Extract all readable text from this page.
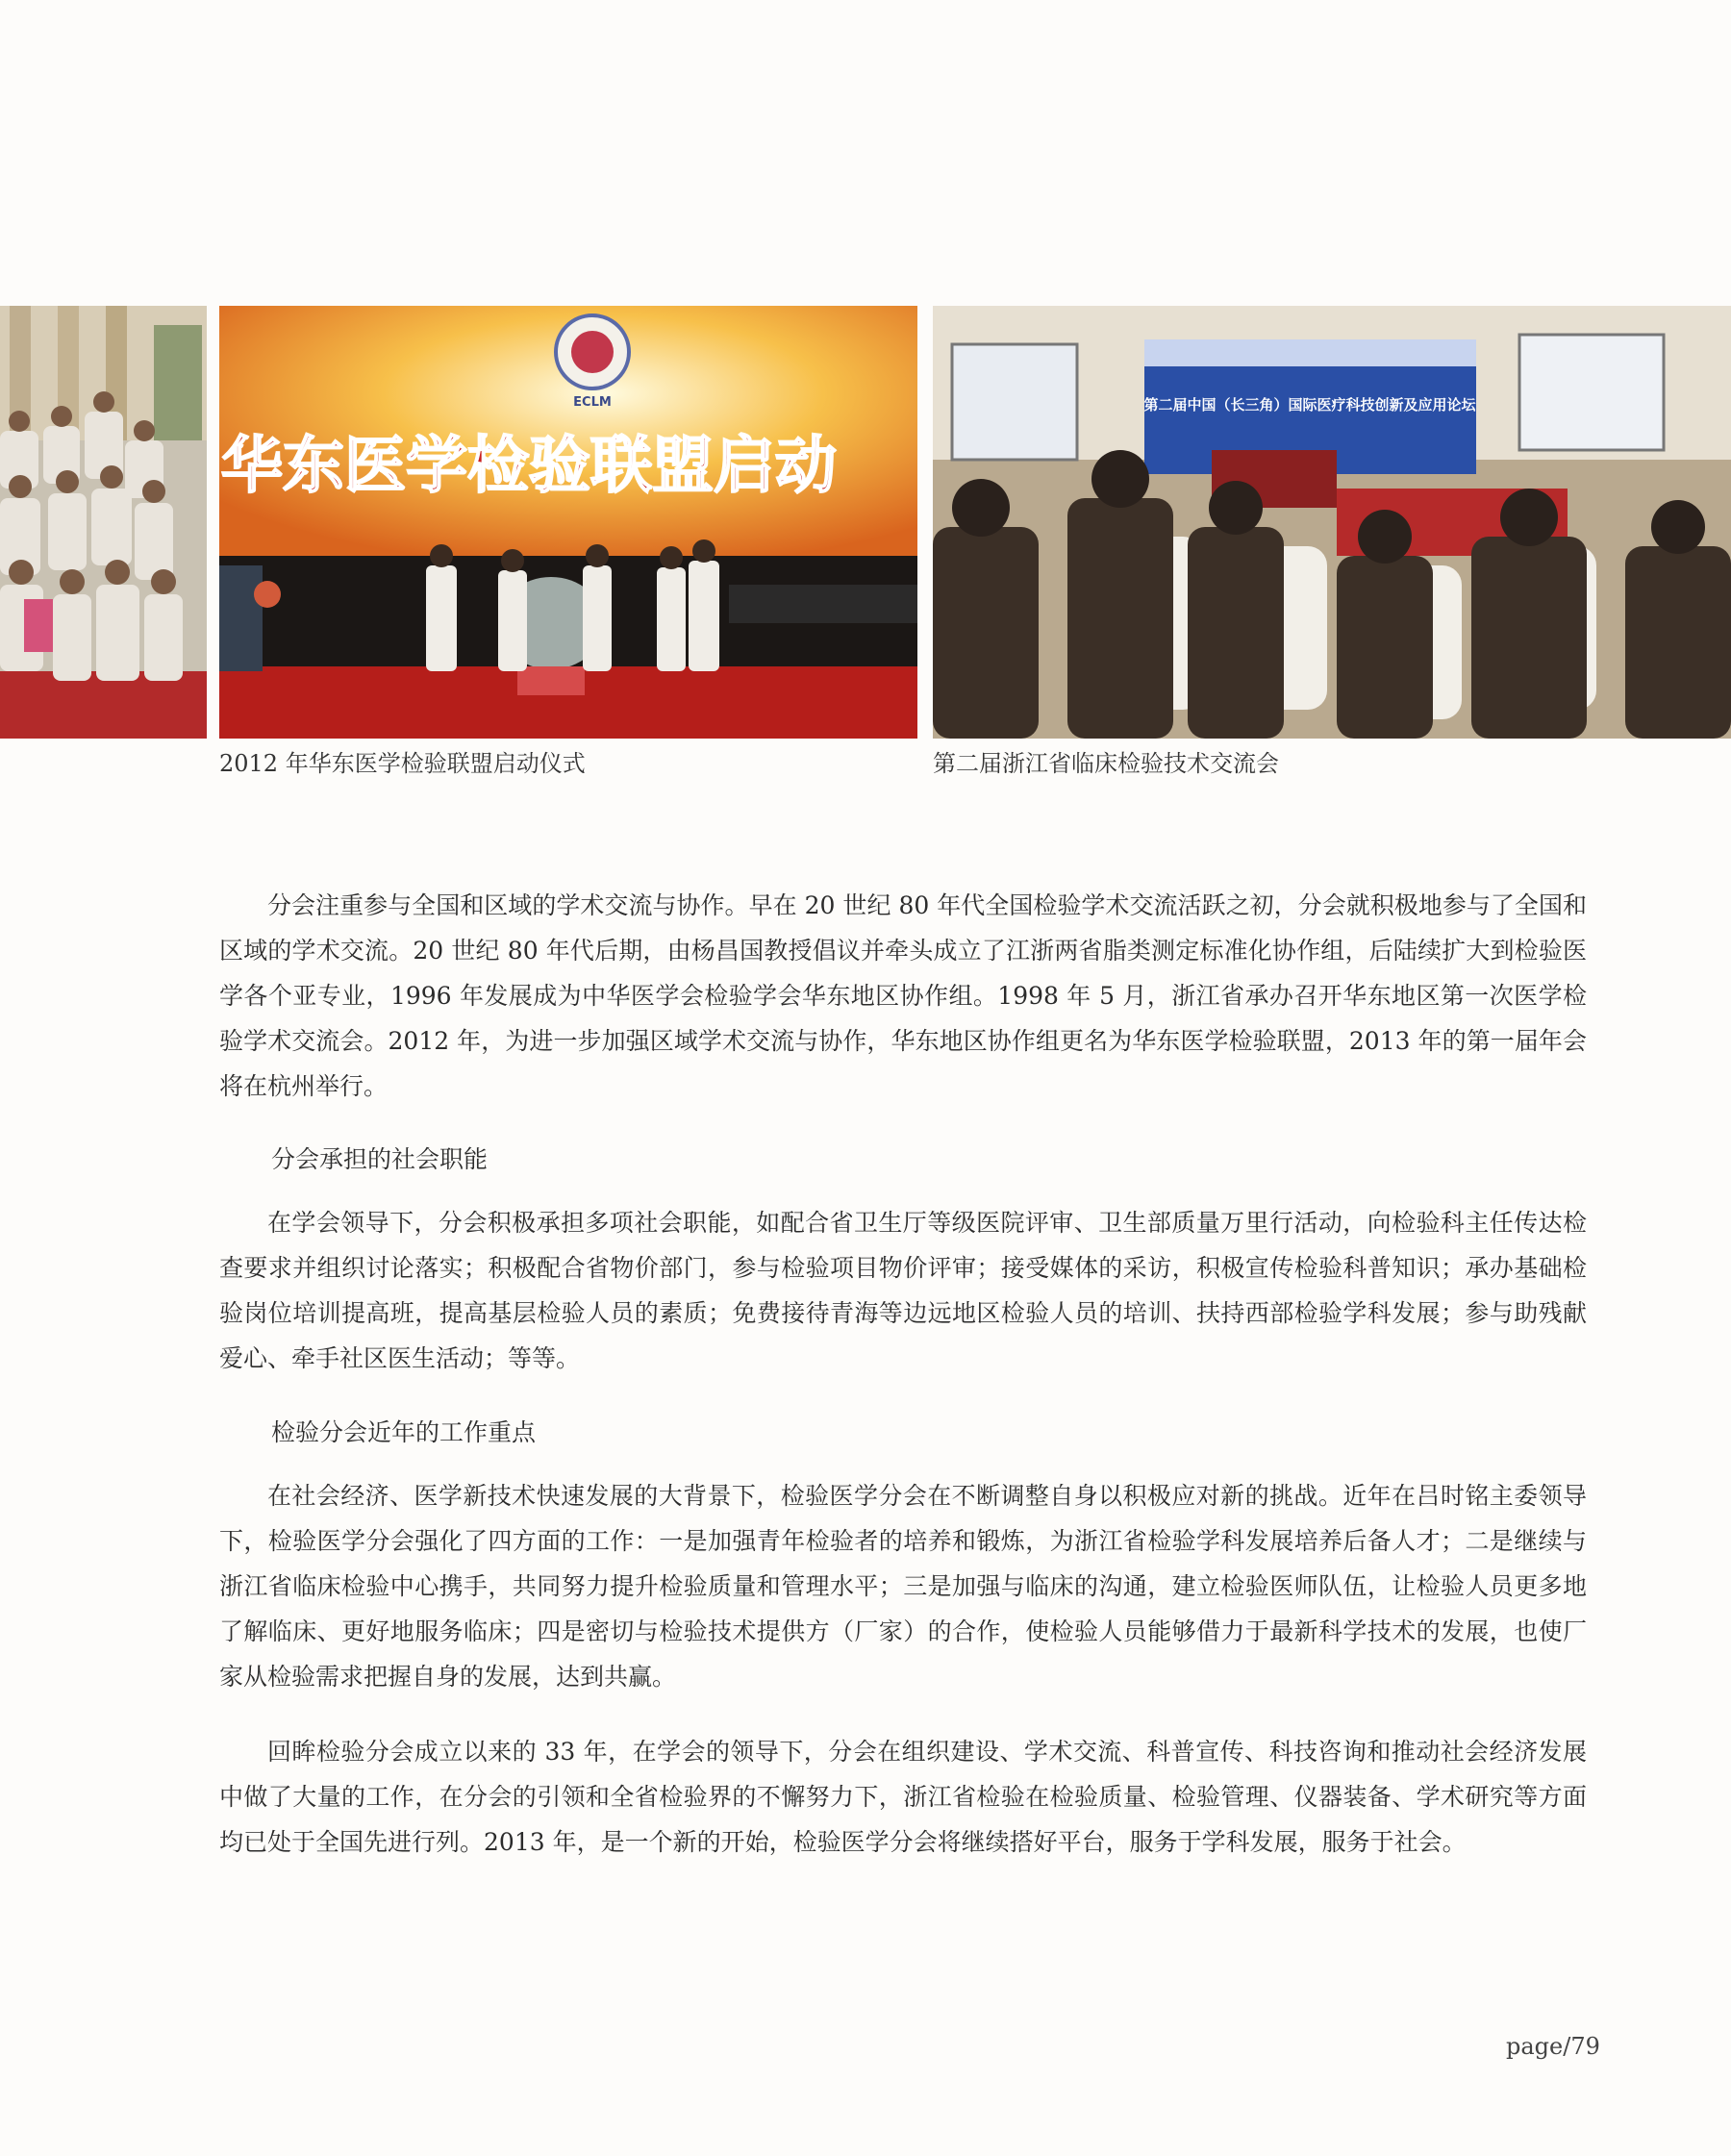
ECLM
华东医学检验联盟启动
第二届中国（长三角）国际医疗科技创新及应用论坛
2012 年华东医学检验联盟启动仪式	第二届浙江省临床检验技术交流会

分会注重参与全国和区域的学术交流与协作。早在 20 世纪 80 年代全国检验学术交流活跃之初，分会就积极地参与了全国和区域的学术交流。20 世纪 80 年代后期，由杨昌国教授倡议并牵头成立了江浙两省脂类测定标准化协作组，后陆续扩大到检验医学各个亚专业，1996 年发展成为中华医学会检验学会华东地区协作组。1998 年 5 月，浙江省承办召开华东地区第一次医学检验学术交流会。2012 年，为进一步加强区域学术交流与协作，华东地区协作组更名为华东医学检验联盟，2013 年的第一届年会将在杭州举行。

分会承担的社会职能

在学会领导下，分会积极承担多项社会职能，如配合省卫生厅等级医院评审、卫生部质量万里行活动，向检验科主任传达检查要求并组织讨论落实；积极配合省物价部门，参与检验项目物价评审；接受媒体的采访，积极宣传检验科普知识；承办基础检验岗位培训提高班，提高基层检验人员的素质；免费接待青海等边远地区检验人员的培训、扶持西部检验学科发展；参与助残献爱心、牵手社区医生活动；等等。

检验分会近年的工作重点

在社会经济、医学新技术快速发展的大背景下，检验医学分会在不断调整自身以积极应对新的挑战。近年在吕时铭主委领导下，检验医学分会强化了四方面的工作：一是加强青年检验者的培养和锻炼，为浙江省检验学科发展培养后备人才；二是继续与浙江省临床检验中心携手，共同努力提升检验质量和管理水平；三是加强与临床的沟通，建立检验医师队伍，让检验人员更多地了解临床、更好地服务临床；四是密切与检验技术提供方（厂家）的合作，使检验人员能够借力于最新科学技术的发展，也使厂家从检验需求把握自身的发展，达到共赢。

回眸检验分会成立以来的 33 年，在学会的领导下，分会在组织建设、学术交流、科普宣传、科技咨询和推动社会经济发展中做了大量的工作，在分会的引领和全省检验界的不懈努力下，浙江省检验在检验质量、检验管理、仪器装备、学术研究等方面均已处于全国先进行列。2013 年，是一个新的开始，检验医学分会将继续搭好平台，服务于学科发展，服务于社会。

page/79
